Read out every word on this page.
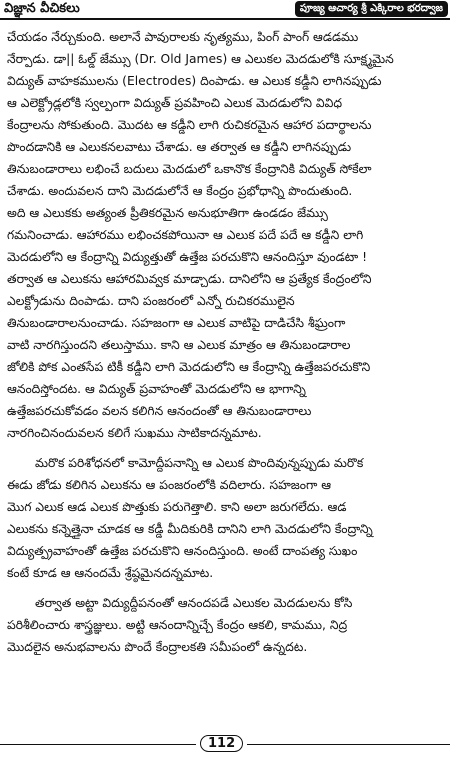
విజ్ఞాన వీచికలు	పూజ్య ఆచార్య శ్రీ ఎక్కిరాల భరద్వాజ
చేయడం నేర్చుకుంది. అలానే పావురాలకు నృత్యము, పింగ్ పాంగ్ ఆడడము
నేర్పాడు. డా|| ఓల్డ్ జేమ్సు (Dr. Old James) ఆ ఎలుకల మెదడులోకి సూక్ష్మమైన
విద్యుత్ వాహకములను (Electrodes) దింపాడు. ఆ ఎలుక కడ్డీని లాగినప్పుడు
ఆ ఎలెక్ట్రోడ్లలోకి స్వల్పంగా విద్యుత్ ప్రవహించి ఎలుక మెదడులోని వివిధ
కేంద్రాలను సోకుతుంది. మొదట ఆ కడ్డీని లాగి రుచికరమైన ఆహార పదార్థాలను
పొందడానికి ఆ ఎలుకనలవాటు చేశాడు. ఆ తర్వాత ఆ కడ్డీని లాగినప్పుడు
తినుబండారాలు లభించే బదులు మెదడులో ఒకానొక కేంద్రానికి విద్యుత్ సోకేలా
చేశాడు. అందువలన దాని మెదడులోనే ఆ కేంద్రం ప్రభోధాన్ని పొందుతుంది.
అది ఆ ఎలుకకు అత్యంత ప్రీతికరమైన అనుభూతిగా ఉండడం జేమ్సు
గమనించాడు. ఆహారము లభించకపోయినా ఆ ఎలుక పదే పదే ఆ కడ్డీని లాగి
మెదడులోని ఆ కేంద్రాన్ని విద్యుత్తుతో ఉత్తేజ పరచుకొని ఆనందిస్తూ వుండటా !
తర్వాత ఆ ఎలుకను ఆహారమివ్వక మాడ్చాడు. దానిలోని ఆ ప్రత్యేక కేంద్రంలోని
ఎలక్ట్రోడును దింపాడు. దాని పంజరంలో ఎన్నో రుచికరములైన
తినుబండారాలనుంచాడు. సహజంగా ఆ ఎలుక వాటిపై దాడిచేసి శీఘ్రంగా
వాటి నారగిస్తుందని తలుస్తాము. కాని ఆ ఎలుక మాత్రం ఆ తినుబండారాల
జోలికి పోక ఎంతసేప టికీ కడ్డీని లాగి మెదడులోని ఆ కేంద్రాన్ని ఉత్తేజపరచుకొని
ఆనందిస్తోందట. ఆ విద్యుత్ ప్రవాహంతో మెదడులోని ఆ భాగాన్ని
ఉత్తేజపరచుకోవడం వలన కలిగిన ఆనందంతో ఆ తినుబండారాలు
నారగించినందువలన కలిగే సుఖము సాటికాదన్నమాట.
మరొక పరిశోధనలో కామోద్దీపనాన్ని ఆ ఎలుక పొందివున్నప్పుడు మరొక
ఈడు జోడు కలిగిన ఎలుకను ఆ పంజరంలోకి వదిలారు. సహజంగా ఆ
మొగ ఎలుక ఆడ ఎలుక పొత్తుకు పరుగెత్తాలి. కాని అలా జరుగలేదు. ఆడ
ఎలుకను కన్నెత్తైనా చూడక ఆ కడ్డీ మీదికురికి దానిని లాగి మెదడులోని కేంద్రాన్ని
విద్యుత్ప్రవాహంతో ఉత్తేజ పరచుకొని ఆనందిస్తుంది. అంటే దాంపత్య సుఖం
కంటే కూడ ఆ ఆనందమే శ్రేష్ఠమైనదన్నమాట.
తర్వాత అట్టా విద్యుద్దీపనంతో ఆనందపడే ఎలుకల మెదడులను కోసి
పరిశీలించారు శాస్త్రజ్ఞులు. అట్టి ఆనందాన్నిచ్చే కేంద్రం ఆకలి, కామము, నిద్ర
మొదలైన అనుభవాలను పొందే కేంద్రాలకతి సమీపంలో ఉన్నదట.
112
